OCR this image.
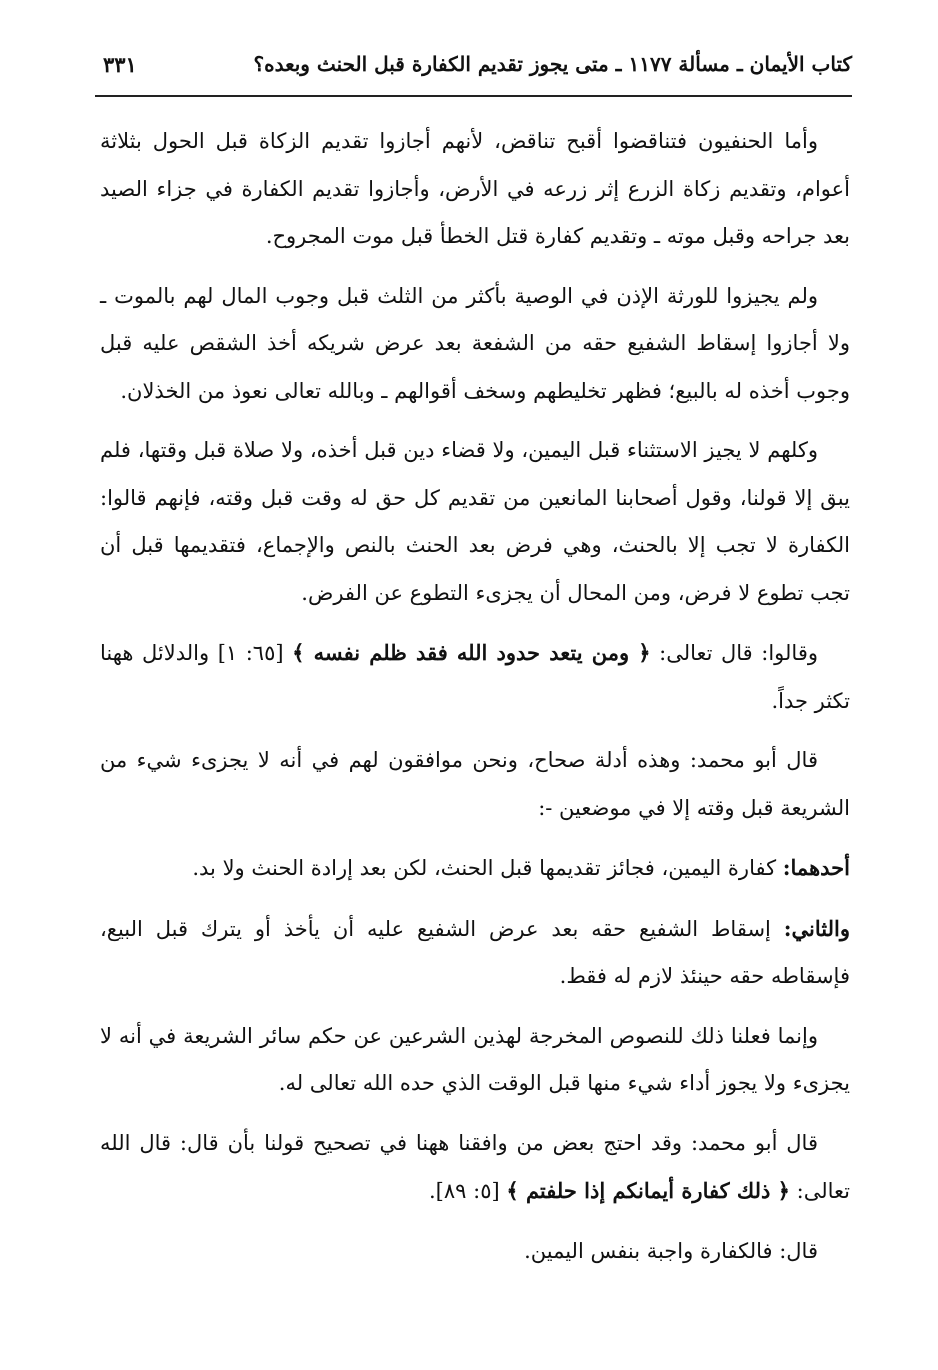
كتاب الأيمان ـ مسألة ١١٧٧ ـ متى يجوز تقديم الكفارة قبل الحنث وبعده؟
٣٣١

وأما الحنفيون فتناقضوا أقبح تناقض، لأنهم أجازوا تقديم الزكاة قبل الحول بثلاثة أعوام، وتقديم زكاة الزرع إثر زرعه في الأرض، وأجازوا تقديم الكفارة في جزاء الصيد بعد جراحه وقبل موته ـ وتقديم كفارة قتل الخطأ قبل موت المجروح.

ولم يجيزوا للورثة الإذن في الوصية بأكثر من الثلث قبل وجوب المال لهم بالموت ـ ولا أجازوا إسقاط الشفيع حقه من الشفعة بعد عرض شريكه أخذ الشقص عليه قبل وجوب أخذه له بالبيع؛ فظهر تخليطهم وسخف أقوالهم ـ وبالله تعالى نعوذ من الخذلان.

وكلهم لا يجيز الاستثناء قبل اليمين، ولا قضاء دين قبل أخذه، ولا صلاة قبل وقتها، فلم يبق إلا قولنا، وقول أصحابنا المانعين من تقديم كل حق له وقت قبل وقته، فإنهم قالوا: الكفارة لا تجب إلا بالحنث، وهي فرض بعد الحنث بالنص والإجماع، فتقديمها قبل أن تجب تطوع لا فرض، ومن المحال أن يجزىء التطوع عن الفرض.

وقالوا: قال تعالى: ﴿ ومن يتعد حدود الله فقد ظلم نفسه ﴾ [٦٥: ١] والدلائل ههنا تكثر جداً.

قال أبو محمد: وهذه أدلة صحاح، ونحن موافقون لهم في أنه لا يجزىء شيء من الشريعة قبل وقته إلا في موضعين -:

أحدهما: كفارة اليمين، فجائز تقديمها قبل الحنث، لكن بعد إرادة الحنث ولا بد.

والثاني: إسقاط الشفيع حقه بعد عرض الشفيع عليه أن يأخذ أو يترك قبل البيع، فإسقاطه حقه حينئذ لازم له فقط.

وإنما فعلنا ذلك للنصوص المخرجة لهذين الشرعين عن حكم سائر الشريعة في أنه لا يجزىء ولا يجوز أداء شيء منها قبل الوقت الذي حده الله تعالى له.

قال أبو محمد: وقد احتج بعض من وافقنا ههنا في تصحيح قولنا بأن قال: قال الله تعالى: ﴿ ذلك كفارة أيمانكم إذا حلفتم ﴾ [٥: ٨٩].

قال: فالكفارة واجبة بنفس اليمين.
